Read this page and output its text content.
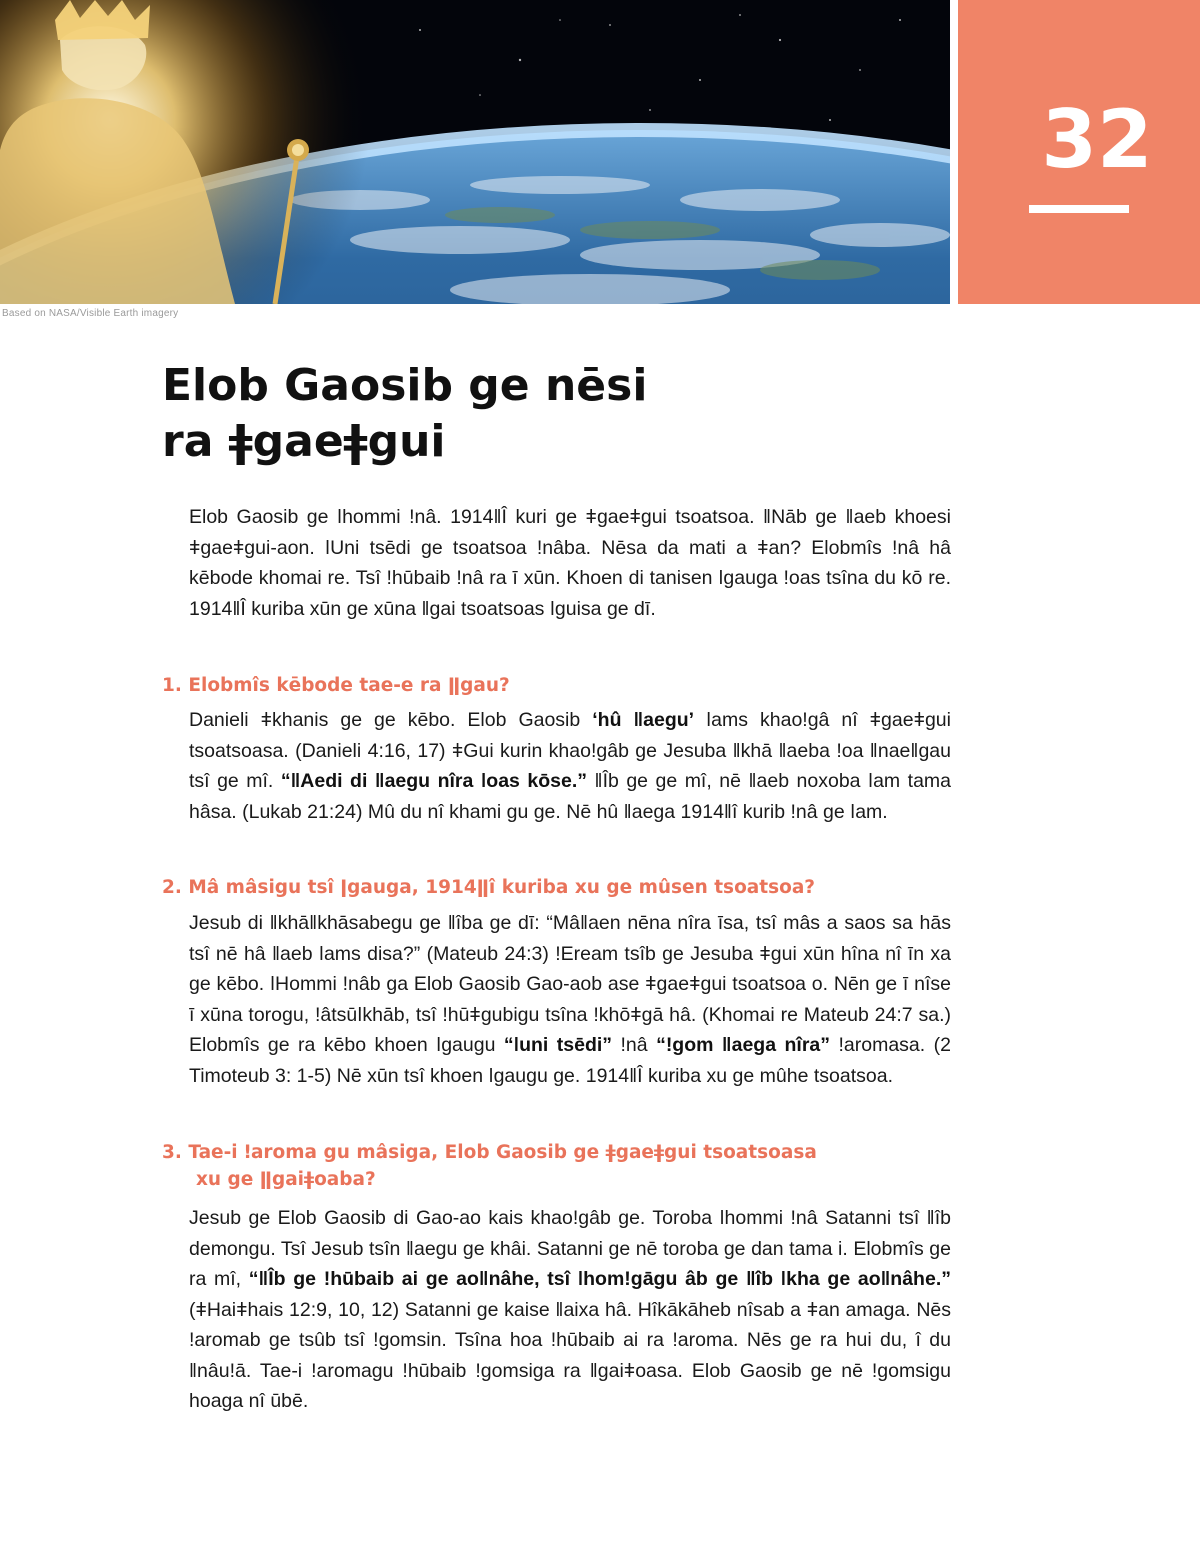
32
Based on NASA/Visible Earth imagery
Elob Gaosib ge nēsi
ra ǂgaeǂgui

Elob Gaosib ge ǀhommi ǃnâ. 1914ǁÎ kuri ge ǂgaeǂgui tsoatsoa. ǁNāb ge ǁaeb khoesi ǂgaeǂgui-aon. ǀUni tsēdi ge tsoatsoa ǃnâba. Nēsa da mati a ǂan? Elobmîs ǃnâ hâ kēbode khomai re. Tsî ǃhūbaib ǃnâ ra ī xūn. Khoen di tanisen ǀgauga ǃoas tsîna du kō re. 1914ǁÎ kuriba xūn ge xūna ǁgai tsoatsoas ǀguisa ge dī.

1. Elobmîs kēbode tae-e ra ǁgau?

Danieli ǂkhanis ge ge kēbo. Elob Gaosib ‘hû ǁaegu’ ǀams khaoǃgâ nî ǂgaeǂgui tsoatsoasa. (Danieli 4:16, 17) ǂGui kurin khaoǃgâb ge Jesuba ǁkhā ǁaeba ǃoa ǁnaeǁgau tsî ge mî. “ǁAedi di ǁaegu nîra ǀoas kōse.” ǁÎb ge ge mî, nē ǁaeb noxoba ǀam tama hâsa. (Lukab 21:24) Mû du nî khami gu ge. Nē hû ǁaega 1914ǁî kurib ǃnâ ge ǀam.

2. Mâ mâsigu tsî ǀgauga, 1914ǁî kuriba xu ge mûsen tsoatsoa?

Jesub di ǁkhāǁkhāsabegu ge ǁîba ge dī: “Mâǁaen nēna nîra īsa, tsî mâs a saos sa hās tsî nē hâ ǁaeb ǀams disa?” (Mateub 24:3) ǃEream tsîb ge Jesuba ǂgui xūn hîna nî īn xa ge kēbo. ǀHommi ǃnâb ga Elob Gaosib Gao-aob ase ǂgaeǂgui tsoatsoa o. Nēn ge ī nîse ī xūna torogu, ǃâtsūǀkhāb, tsî ǃhūǂgubigu tsîna ǃkhōǂgā hâ. (Khomai re Mateub 24:7 sa.) Elobmîs ge ra kēbo khoen ǀgaugu “ǀuni tsēdi” ǃnâ “ǃgom ǁaega nîra” ǃaromasa. (2 Timoteub 3: 1-5) Nē xūn tsî khoen ǀgaugu ge. 1914ǁÎ kuriba xu ge mûhe tsoatsoa.

3. Tae-i ǃaroma gu mâsiga, Elob Gaosib ge ǂgaeǂgui tsoatsoasa
xu ge ǁgaiǂoaba?

Jesub ge Elob Gaosib di Gao-ao kais khaoǃgâb ge. Toroba ǀhommi ǃnâ Satanni tsî ǁîb demongu. Tsî Jesub tsîn ǁaegu ge khâi. Satanni ge nē toroba ge dan tama i. Elobmîs ge ra mî, “ǁÎb ge ǃhūbaib ai ge aoǁnâhe, tsî ǀhomǃgāgu âb ge ǁîb ǀkha ge aoǁnâhe.” (ǂHaiǂhais 12:9, 10, 12) Satanni ge kaise ǁaixa hâ. Hîkākāheb nîsab a ǂan amaga. Nēs ǃaromab ge tsûb tsî ǃgomsin. Tsîna hoa ǃhūbaib ai ra ǃaroma. Nēs ge ra hui du, î du ǁnâuǃā. Tae-i ǃaromagu ǃhūbaib ǃgomsiga ra ǁgaiǂoasa. Elob Gaosib ge nē ǃgomsigu hoaga nî ūbē.
